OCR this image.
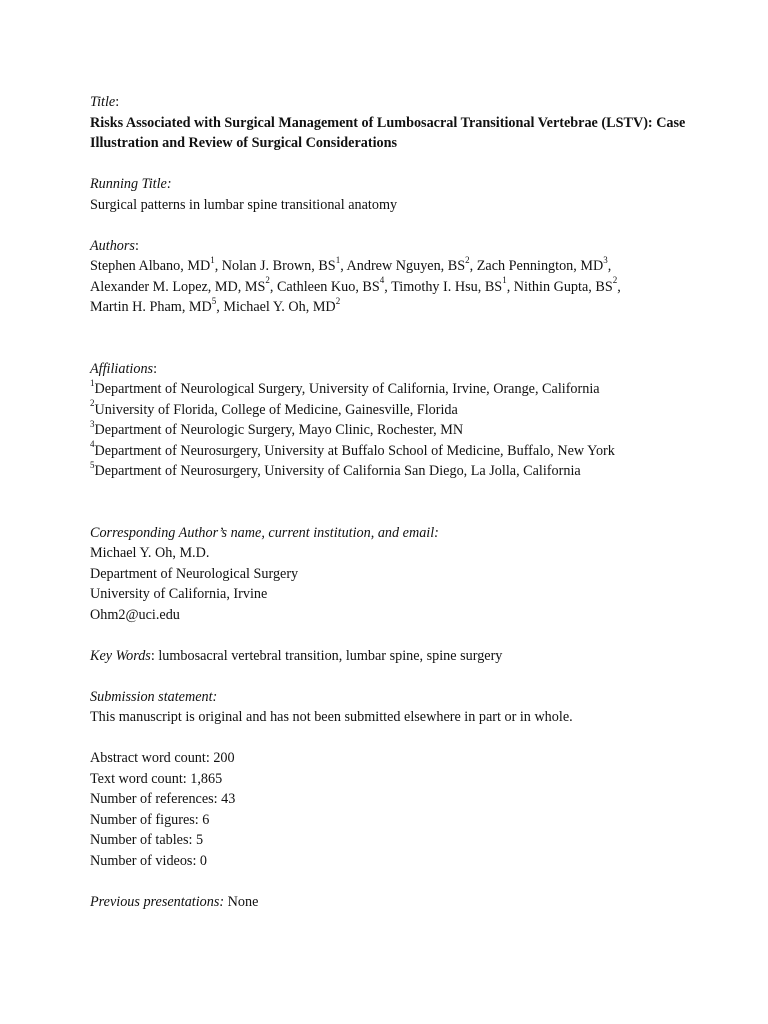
Title:
Risks Associated with Surgical Management of Lumbosacral Transitional Vertebrae (LSTV): Case Illustration and Review of Surgical Considerations
Running Title:
Surgical patterns in lumbar spine transitional anatomy
Authors:
Stephen Albano, $MD^1$, Nolan J. Brown, $BS^1$, Andrew Nguyen, $BS^2$, Zach Pennington, $MD^3$,
Alexander M. Lopez, MD, $MS^2$, Cathleen Kuo, $BS^4$, Timothy I. Hsu, $BS^1$, Nithin Gupta, $BS^2$,
Martin H. Pham, $MD^5$, Michael Y. Oh, $MD^2$
Affiliations:
$^1$Department of Neurological Surgery, University of California, Irvine, Orange, California
$^2$University of Florida, College of Medicine, Gainesville, Florida
$^3$Department of Neurologic Surgery, Mayo Clinic, Rochester, MN
$^4$Department of Neurosurgery, University at Buffalo School of Medicine, Buffalo, New York
$^5$Department of Neurosurgery, University of California San Diego, La Jolla, California
Corresponding Author’s name, current institution, and email:
Michael Y. Oh, M.D.
Department of Neurological Surgery
University of California, Irvine
Ohm2@uci.edu
Key Words: lumbosacral vertebral transition, lumbar spine, spine surgery
Submission statement:
This manuscript is original and has not been submitted elsewhere in part or in whole.
Abstract word count: 200
Text word count: 1,865
Number of references: 43
Number of figures: 6
Number of tables: 5
Number of videos: 0
Previous presentations: None
